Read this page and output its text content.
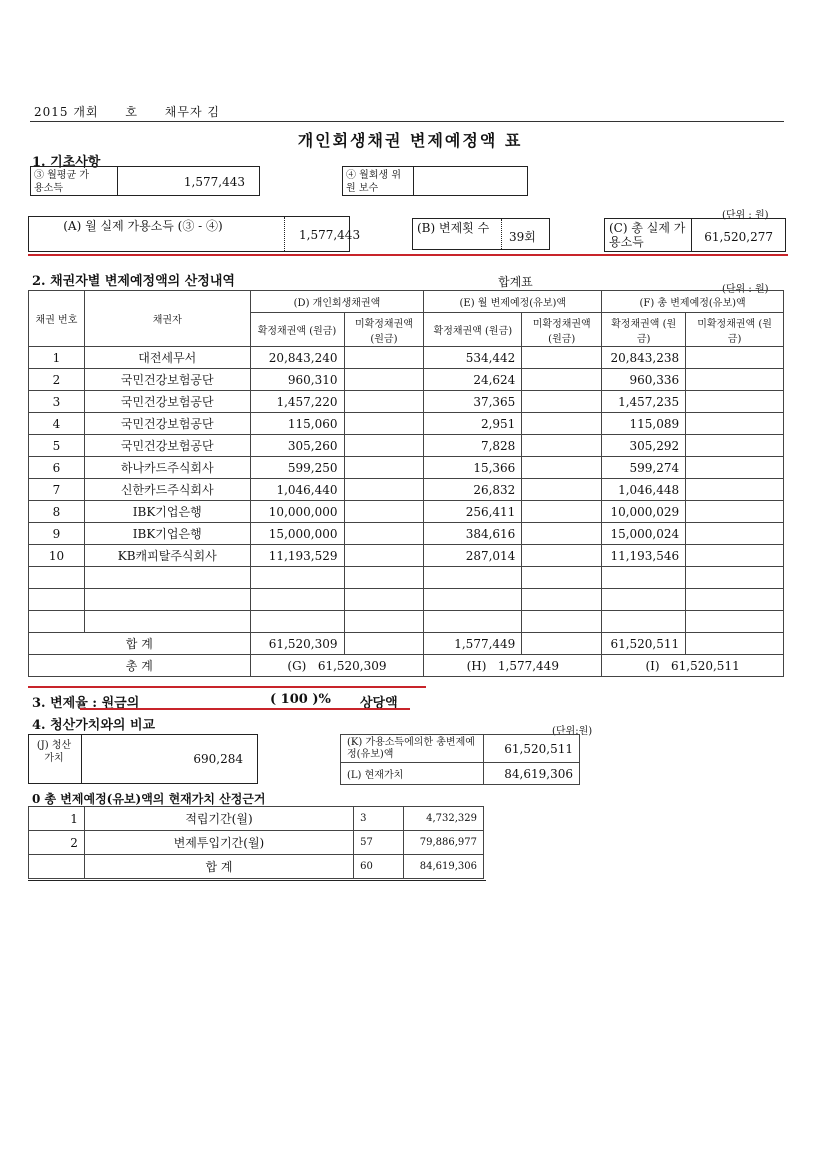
2015 개회 호 채무자 김
개인회생채권 변제예정액 표
1. 기초사항
③ 월평균 가용소득	1,577,443	④ 월회생 위원 보수
(단위 : 원)
(A) 월 실제 가용소득 (③ - ④)
1,577,443	(B) 변제횟 수
39회
(C) 총 실제 가용소득	61,520,277
2. 채권자별 변제예정액의 산정내역	합계표
(단위 : 원)
채권 번호	채권자	(D) 개인회생채권액		(E) 월 변제예정(유보)액		(F) 총 변제예정(유보)액	
		확정채권액 (원금)	미확정채권액 (원금)	확정채권액 (원금)	미확정채권액 (원금)	확정채권액 (원금)	미확정채권액 (원금)
1	대전세무서	20,843,240		534,442		20,843,238	
2	국민건강보험공단	960,310		24,624		960,336	
3	국민건강보험공단	1,457,220		37,365		1,457,235	
4	국민건강보험공단	115,060		2,951		115,089	
5	국민건강보험공단	305,260		7,828		305,292	
6	하나카드주식회사	599,250		15,366		599,274	
7	신한카드주식회사	1,046,440		26,832		1,046,448	
8	IBK기업은행	10,000,000		256,411		10,000,029	
9	IBK기업은행	15,000,000		384,616		15,000,024	
10	KB캐피탈주식회사	11,193,529		287,014		11,193,546	

합 계		61,520,309		1,577,449		61,520,511	
총 계		(G) 61,520,309		(H) 1,577,449		(I) 61,520,511	
3. 변제율 : 원금의	( 100 )% 상당액
4. 청산가치와의 비교	(단위:원)
(J) 청산 가치	690,284
(K) 가용소득에의한 총변제예정(유보)액	61,520,511
(L) 현재가치	84,619,306
0 총 변제예정(유보)액의 현재가치 산정근거
1	적립기간(월)	3	4,732,329
2	변제투입기간(월)	57	79,886,977
	합 계	60	84,619,306
